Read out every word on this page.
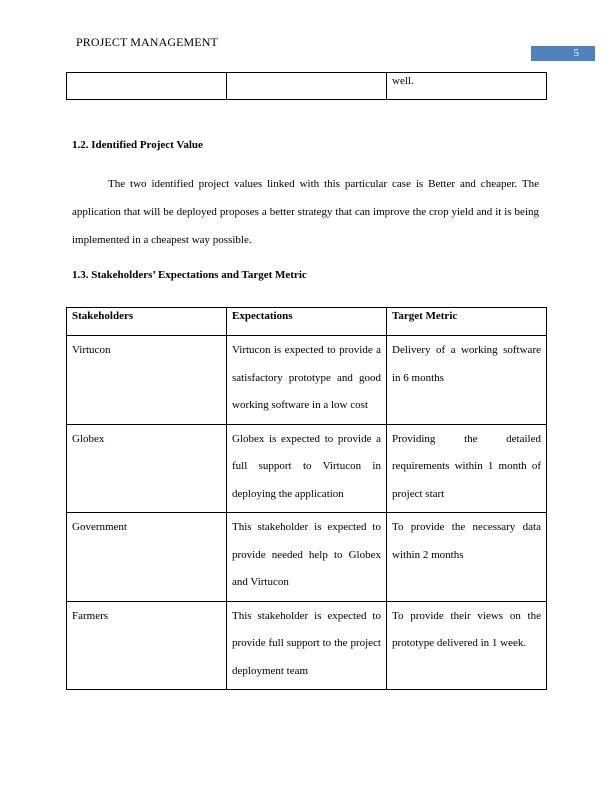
PROJECT MANAGEMENT
5
		well.
1.2. Identified Project Value

The two identified project values linked with this particular case is Better and cheaper. The application that will be deployed proposes a better strategy that can improve the crop yield and it is being implemented in a cheapest way possible.

1.3. Stakeholders’ Expectations and Target Metric
Stakeholders	Expectations	Target Metric
Virtucon	Virtucon is expected to provide a satisfactory prototype and good working software in a low cost	Delivery of a working software in 6 months
Globex	Globex is expected to provide a full support to Virtucon in deploying the application	Providing the detailed requirements within 1 month of project start
Government	This stakeholder is expected to provide needed help to Globex and Virtucon	To provide the necessary data within 2 months
Farmers	This stakeholder is expected to provide full support to the project deployment team	To provide their views on the prototype delivered in 1 week.
